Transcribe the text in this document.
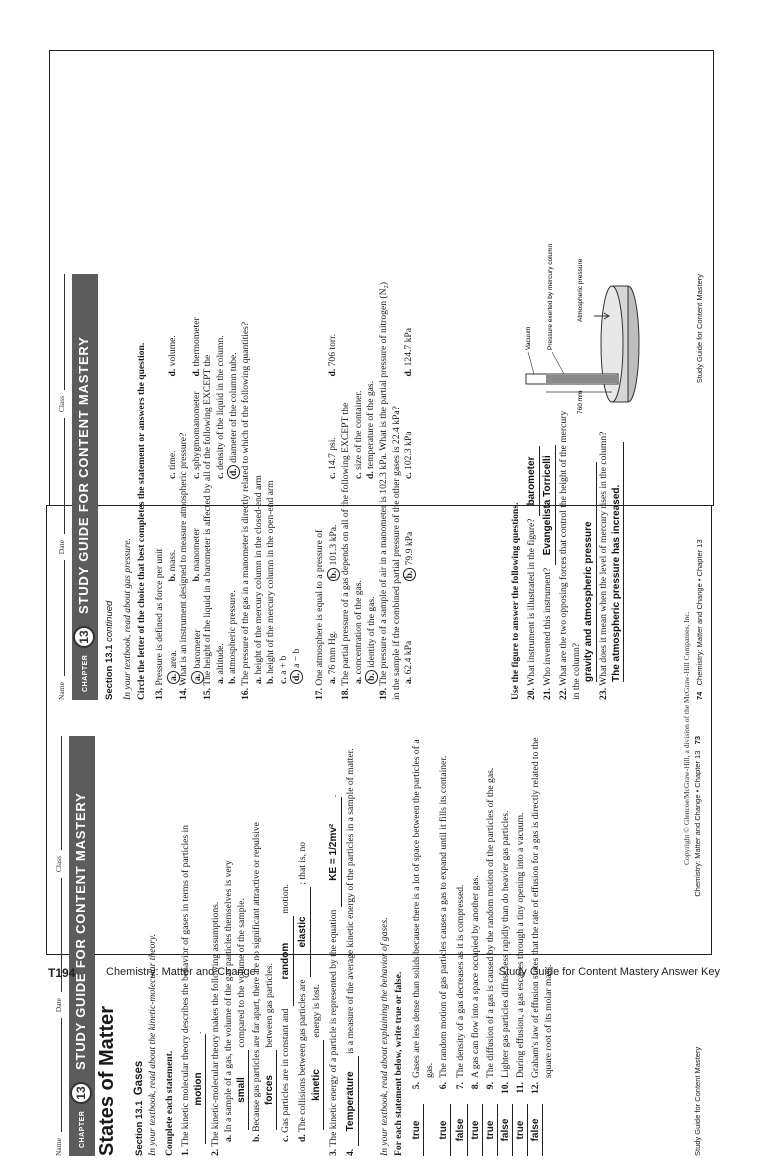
Name
Date
Class
CHAPTER
13
STUDY GUIDE FOR CONTENT MASTERY
States of Matter Section 13.1  Gases In your textbook, read about the kinetic-molecular theory. Complete each statement. 1. The kinetic molecular theory describes the behavior of gases in terms of particles in motion.
2. The kinetic-molecular theory makes the following assumptions. a. In a sample of a gas, the volume of the gas particles themselves is very small compared to the volume of the sample.
b. Because gas particles are far apart, there are no significant attractive or repulsive forces between gas particles.
c. Gas particles are in constant and random motion.
d. The collisions between gas particles are elastic ; that is, no
kinetic energy is lost.
3. The kinetic energy of a particle is represented by the equation KE = 1/2mv².
4. Temperature is a measure of the average kinetic energy of the particles in a sample of matter. In your textbook, read about explaining the behavior of gases. For each statement below, write true or false. true
5.
Gases are less dense than solids because there is a lot of space between the particles of a gas.
true
6.
The random motion of gas particles causes a gas to expand until it fills its container.
false
7.
The density of a gas decreases as it is compressed.
true
8.
A gas can flow into a space occupied by another gas.
true
9.
The diffusion of a gas is caused by the random motion of the particles of the gas.
false
10.
Lighter gas particles diffuse less rapidly than do heavier gas particles.
true
11.
During effusion, a gas escapes through a tiny opening into a vacuum.
false
12.
Graham's law of effusion states that the rate of effusion for a gas is directly related to the square root of its molar mass.
Study Guide for Content Mastery
Chemistry: Matter and Change • Chapter 13   73
Name
Date
Class
CHAPTER
13
STUDY GUIDE FOR CONTENT MASTERY
Section 13.1 continued In your textbook, read about gas pressure. Circle the letter of the choice that best completes the statement or answers the question. 13. Pressure is defined as force per unit a. area.
b. mass.
c. time.
d. volume.
14. What is an instrument designed to measure atmospheric pressure? a. barometer
b. manometer
c. sphygmomanometer
d. thermometer
15. The height of the liquid in a barometer is affected by all of the following EXCEPT the a. altitude.
c. density of the liquid in the column.
b. atmospheric pressure.
d. diameter of the column tube.
16. The pressure of the gas in a manometer is directly related to which of the following quantities? a. height of the mercury column in the closed-end arm
b. height of the mercury column in the open-end arm
c. a + b
d. a − b
17. One atmosphere is equal to a pressure of a. 76 mm Hg.
b. 101.3 kPa.
c. 14.7 psi.
d. 706 torr.
18. The partial pressure of a gas depends on all of the following EXCEPT the a. concentration of the gas.
c. size of the container.
b. identity of the gas.
d. temperature of the gas.
19. The pressure of a sample of air in a manometer is 102.3 kPa. What is the partial pressure of nitrogen (N₂) in the sample if the combined partial pressure of the other gases is 22.4 kPa? a. 62.4 kPa
b. 79.9 kPa
c. 102.3 kPa
d. 124.7 kPa
Use the figure to answer the following questions. 20. What instrument is illustrated in the figure? barometer
21. Who invented this instrument? Evangelista Torricelli
22. What are the two opposing forces that control the height of the mercury in the column? gravity and atmospheric pressure
23. What does it mean when the level of mercury rises in the column? The atmospheric pressure has increased.
Vacuum Pressure exerted by mercury column	Atmospheric pressure
760 mm
74   Chemistry: Matter and Change • Chapter 13
Study Guide for Content Mastery
Copyright © Glencoe/McGraw-Hill, a division of the McGraw-Hill Companies, Inc.
T194	Chemistry: Matter and Change	Study Guide for Content Mastery Answer Key
